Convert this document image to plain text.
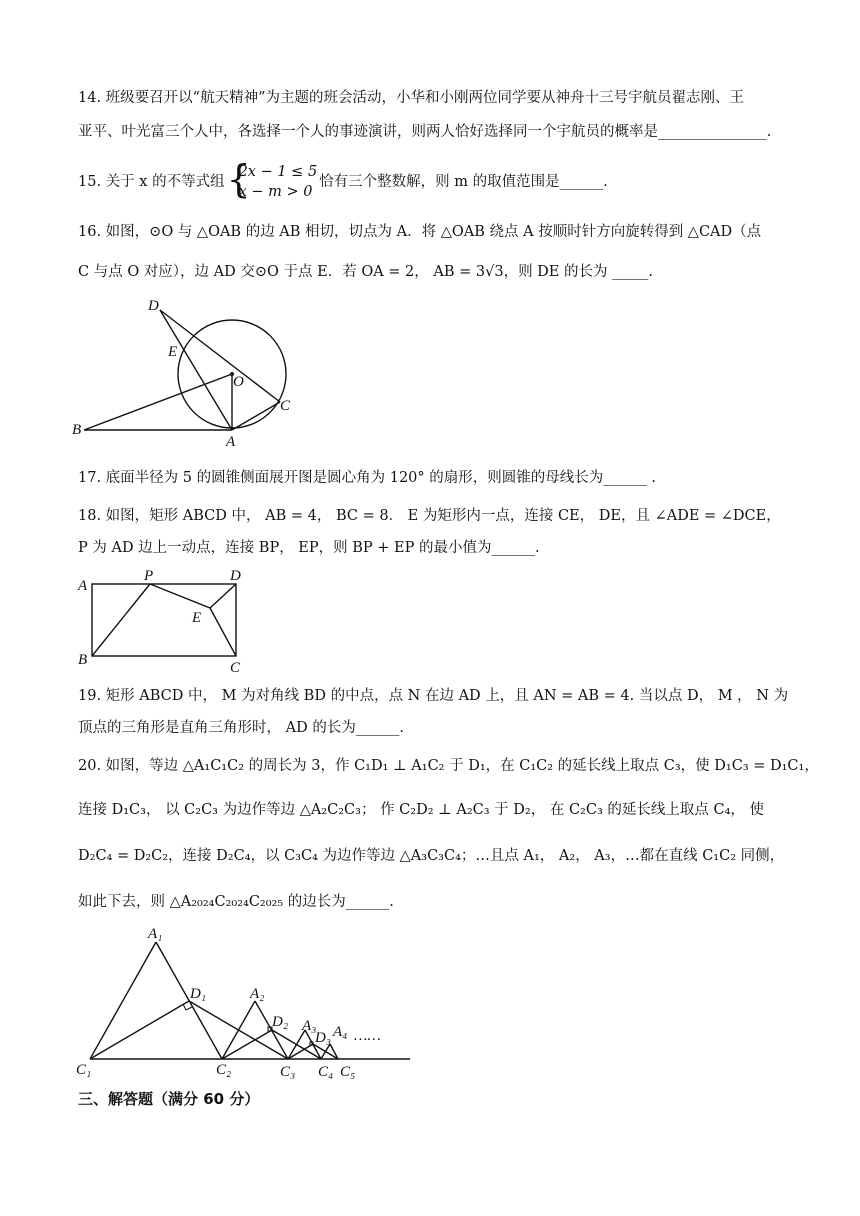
14. 班级要召开以“航天精神”为主题的班会活动，小华和小刚两位同学要从神舟十三号宇航员翟志刚、王
亚平、叶光富三个人中，各选择一个人的事迹演讲，则两人恰好选择同一个宇航员的概率是_______________.
15. 关于 x 的不等式组 {
2x − 1 ≤ 5
x − m > 0
恰有三个整数解，则 m 的取值范围是______.
16. 如图，⊙O 与 △OAB 的边 AB 相切，切点为 A．将 △OAB 绕点 A 按顺时针方向旋转得到 △CAD（点
C 与点 O 对应），边 AD 交⊙O 于点 E．若 OA = 2， AB = 3√3，则 DE 的长为 _____.
D
E
O
C
B
A
17. 底面半径为 5 的圆锥侧面展开图是圆心角为 120° 的扇形，则圆锥的母线长为______ .
18. 如图，矩形 ABCD 中， AB = 4， BC = 8． E 为矩形内一点，连接 CE， DE，且 ∠ADE = ∠DCE，
P 为 AD 边上一动点，连接 BP， EP，则 BP + EP 的最小值为______.
A
P	D
E
B	C
19. 矩形 ABCD 中， M 为对角线 BD 的中点，点 N 在边 AD 上，且 AN = AB = 4. 当以点 D， M ， N 为
顶点的三角形是直角三角形时， AD 的长为______.
20. 如图，等边 △A₁C₁C₂ 的周长为 3，作 C₁D₁ ⊥ A₁C₂ 于 D₁，在 C₁C₂ 的延长线上取点 C₃，使 D₁C₃ = D₁C₁，
连接 D₁C₃， 以 C₂C₃ 为边作等边 △A₂C₂C₃； 作 C₂D₂ ⊥ A₂C₃ 于 D₂， 在 C₂C₃ 的延长线上取点 C₄， 使
D₂C₄ = D₂C₂，连接 D₂C₄，以 C₃C₄ 为边作等边 △A₃C₃C₄；…且点 A₁， A₂， A₃，…都在直线 C₁C₂ 同侧，
如此下去，则 △A₂₀₂₄C₂₀₂₄C₂₀₂₅ 的边长为______.
A₁
D₁	A₂
D₂ A₃
D₃ A₄ ……
C₁	C₂	C₃ C₄ C₅
三、解答题（满分 60 分）
